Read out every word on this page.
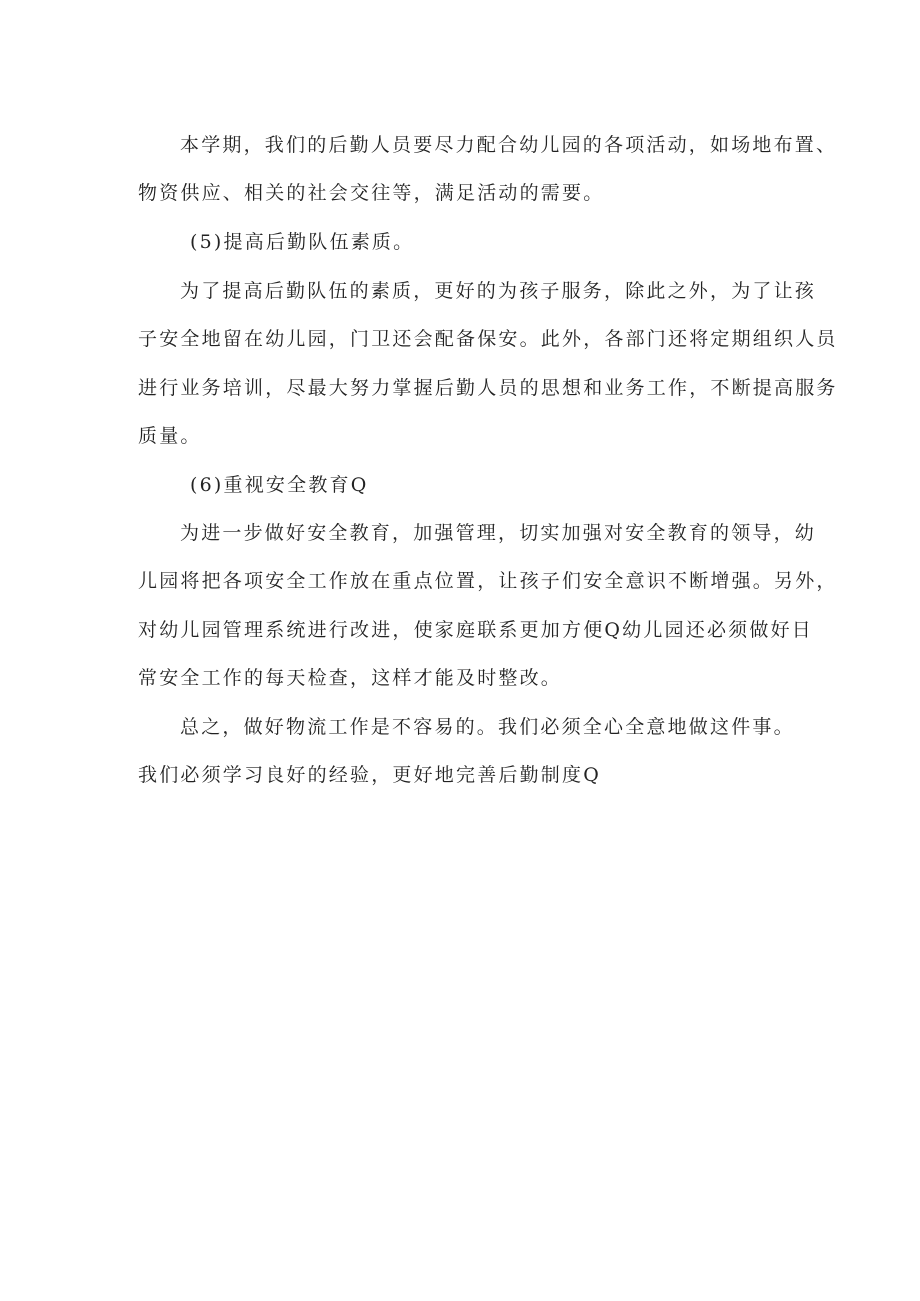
本学期，我们的后勤人员要尽力配合幼儿园的各项活动，如场地布置、
物资供应、相关的社会交往等，满足活动的需要。
(5)提高后勤队伍素质。
为了提高后勤队伍的素质，更好的为孩子服务，除此之外，为了让孩
子安全地留在幼儿园，门卫还会配备保安。此外，各部门还将定期组织人员
进行业务培训，尽最大努力掌握后勤人员的思想和业务工作，不断提高服务
质量。
(6)重视安全教育Q
为进一步做好安全教育，加强管理，切实加强对安全教育的领导，幼
儿园将把各项安全工作放在重点位置，让孩子们安全意识不断增强。另外，
对幼儿园管理系统进行改进，使家庭联系更加方便Q幼儿园还必须做好日
常安全工作的每天检查，这样才能及时整改。
总之，做好物流工作是不容易的。我们必须全心全意地做这件事。
我们必须学习良好的经验，更好地完善后勤制度Q
